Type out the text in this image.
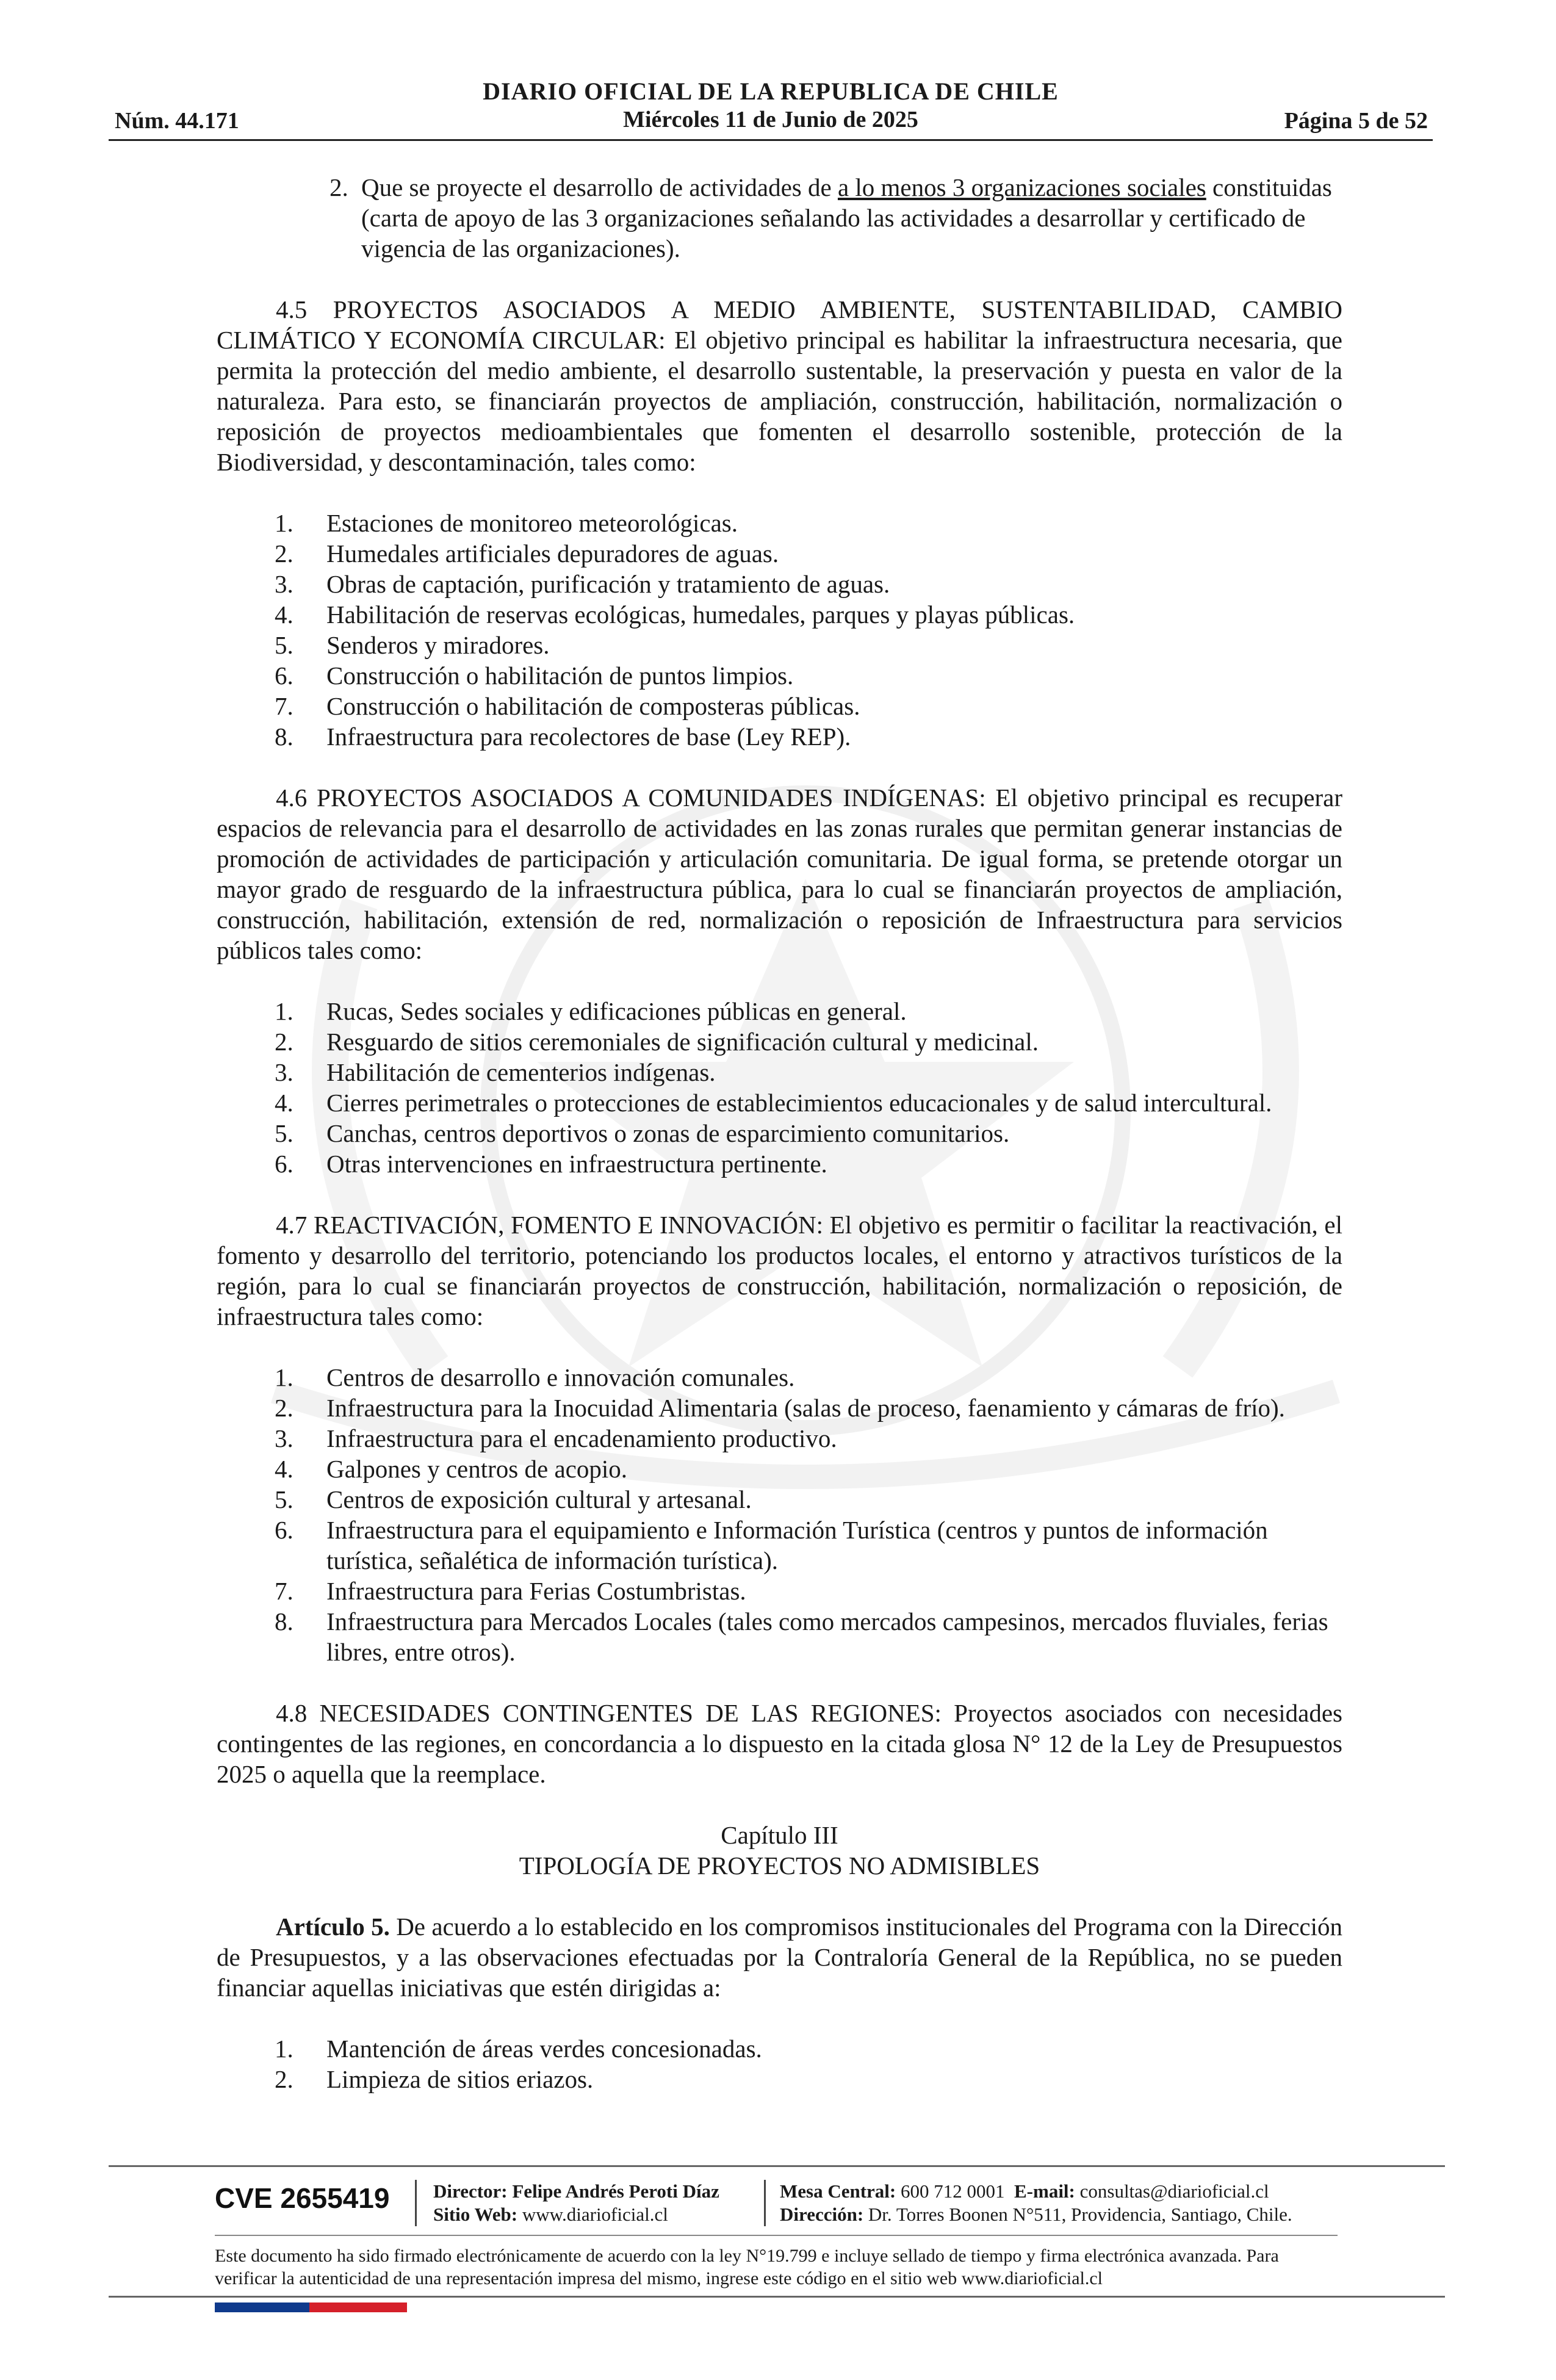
DIARIO OFICIAL DE LA REPUBLICA DE CHILE
Miércoles 11 de Junio de 2025
Núm. 44.171	Página 5 de 52
2. Que se proyecte el desarrollo de actividades de a lo menos 3 organizaciones sociales constituidas (carta de apoyo de las 3 organizaciones señalando las actividades a desarrollar y certificado de vigencia de las organizaciones).

4.5 PROYECTOS ASOCIADOS A MEDIO AMBIENTE, SUSTENTABILIDAD, CAMBIO CLIMÁTICO Y ECONOMÍA CIRCULAR: El objetivo principal es habilitar la infraestructura necesaria, que permita la protección del medio ambiente, el desarrollo sustentable, la preservación y puesta en valor de la naturaleza. Para esto, se financiarán proyectos de ampliación, construcción, habilitación, normalización o reposición de proyectos medioambientales que fomenten el desarrollo sostenible, protección de la Biodiversidad, y descontaminación, tales como:

1.	Estaciones de monitoreo meteorológicas.
2.	Humedales artificiales depuradores de aguas.
3.	Obras de captación, purificación y tratamiento de aguas.
4.	Habilitación de reservas ecológicas, humedales, parques y playas públicas.
5.	Senderos y miradores.
6.	Construcción o habilitación de puntos limpios.
7.	Construcción o habilitación de composteras públicas.
8.	Infraestructura para recolectores de base (Ley REP).

4.6 PROYECTOS ASOCIADOS A COMUNIDADES INDÍGENAS: El objetivo principal es recuperar espacios de relevancia para el desarrollo de actividades en las zonas rurales que permitan generar instancias de promoción de actividades de participación y articulación comunitaria. De igual forma, se pretende otorgar un mayor grado de resguardo de la infraestructura pública, para lo cual se financiarán proyectos de ampliación, construcción, habilitación, extensión de red, normalización o reposición de Infraestructura para servicios públicos tales como:

1.	Rucas, Sedes sociales y edificaciones públicas en general.
2.	Resguardo de sitios ceremoniales de significación cultural y medicinal.
3.	Habilitación de cementerios indígenas.
4.	Cierres perimetrales o protecciones de establecimientos educacionales y de salud intercultural.
5.	Canchas, centros deportivos o zonas de esparcimiento comunitarios.
6.	Otras intervenciones en infraestructura pertinente.

4.7 REACTIVACIÓN, FOMENTO E INNOVACIÓN: El objetivo es permitir o facilitar la reactivación, el fomento y desarrollo del territorio, potenciando los productos locales, el entorno y atractivos turísticos de la región, para lo cual se financiarán proyectos de construcción, habilitación, normalización o reposición, de infraestructura tales como:

1.	Centros de desarrollo e innovación comunales.
2.	Infraestructura para la Inocuidad Alimentaria (salas de proceso, faenamiento y cámaras de frío).
3.	Infraestructura para el encadenamiento productivo.
4.	Galpones y centros de acopio.
5.	Centros de exposición cultural y artesanal.
6.	Infraestructura para el equipamiento e Información Turística (centros y puntos de información turística, señalética de información turística).
7.	Infraestructura para Ferias Costumbristas.
8.	Infraestructura para Mercados Locales (tales como mercados campesinos, mercados fluviales, ferias libres, entre otros).

4.8 NECESIDADES CONTINGENTES DE LAS REGIONES: Proyectos asociados con necesidades contingentes de las regiones, en concordancia a lo dispuesto en la citada glosa N° 12 de la Ley de Presupuestos 2025 o aquella que la reemplace.

Capítulo III
TIPOLOGÍA DE PROYECTOS NO ADMISIBLES

Artículo 5. De acuerdo a lo establecido en los compromisos institucionales del Programa con la Dirección de Presupuestos, y a las observaciones efectuadas por la Contraloría General de la República, no se pueden financiar aquellas iniciativas que estén dirigidas a:

1.	Mantención de áreas verdes concesionadas.
2.	Limpieza de sitios eriazos.
CVE 2655419 Director: Felipe Andrés Peroti Díaz
Sitio Web: www.diarioficial.cl
Mesa Central: 600 712 0001 E-mail: consultas@diarioficial.cl
Dirección: Dr. Torres Boonen N°511, Providencia, Santiago, Chile.
Este documento ha sido firmado electrónicamente de acuerdo con la ley N°19.799 e incluye sellado de tiempo y firma electrónica avanzada. Para verificar la autenticidad de una representación impresa del mismo, ingrese este código en el sitio web www.diarioficial.cl
